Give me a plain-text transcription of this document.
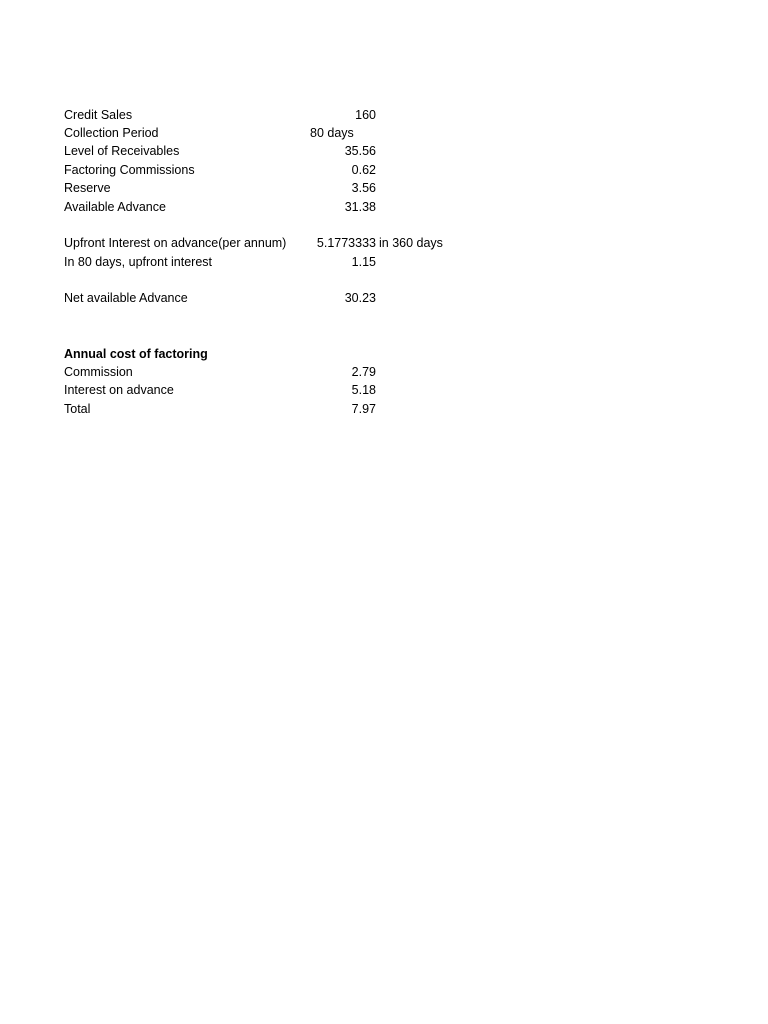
Credit Sales	160
Collection Period	80 days
Level of Receivables	35.56
Factoring Commissions	0.62
Reserve	3.56
Available Advance	31.38
Upfront Interest on advance(per annum) 5.1773333 in 360 days
In 80 days, upfront interest	1.15
Net available Advance	30.23
Annual cost of factoring
Commission	2.79
Interest on advance	5.18
Total	7.97
